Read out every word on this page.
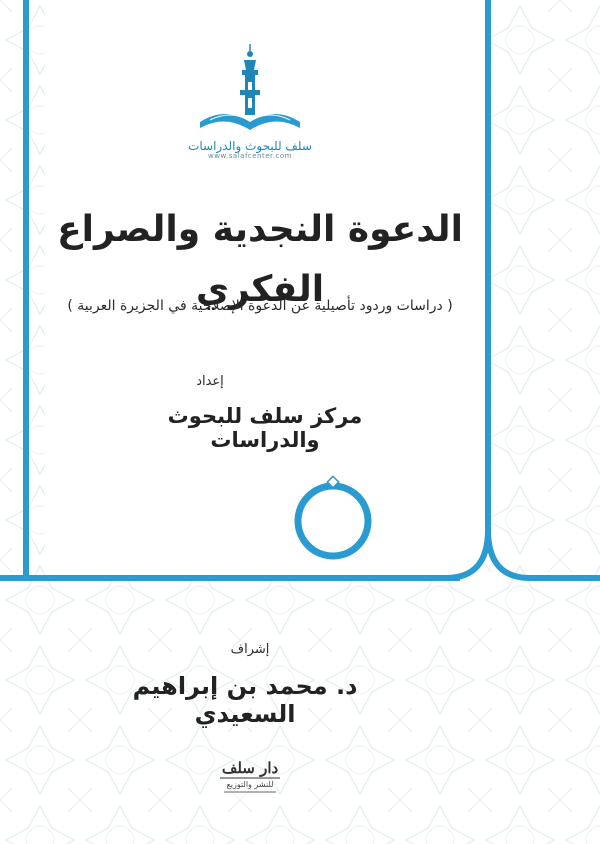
سلف للبحوث والدراسات
www.salafcenter.com
الدعوة النجدية والصراع الفكري
( دراسات وردود تأصيلية عن الدعوة الإصلاحية في الجزيرة العربية )
إعداد
مركز سلف للبحوث والدراسات
إشراف
د. محمد بن إبراهيم السعيدي
دار سلف
للنشر والتوزيع
